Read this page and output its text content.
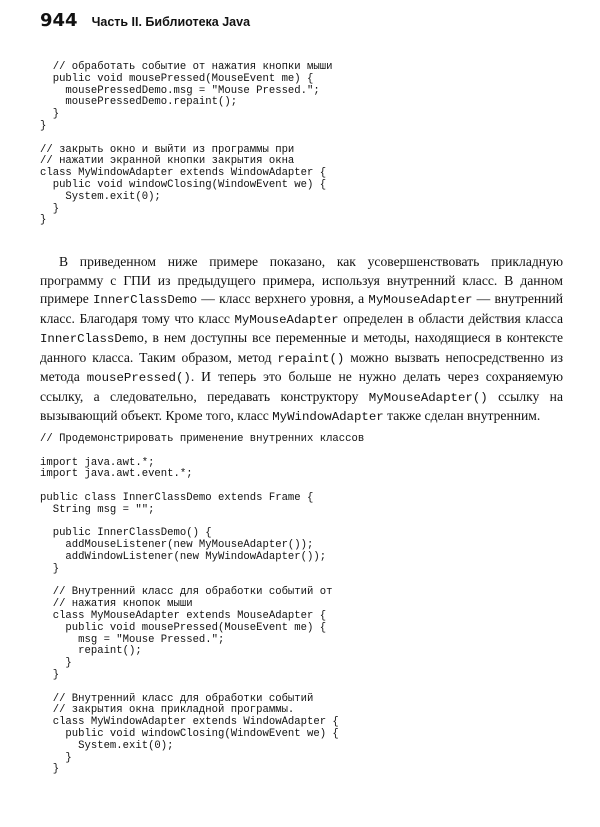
944 Часть II. Библиотека Java
// обработать событие от нажатия кнопки мыши
public void mousePressed(MouseEvent me) {
mousePressedDemo.msg = "Mouse Pressed.";
mousePressedDemo.repaint();
}
}

// закрыть окно и выйти из программы при
// нажатии экранной кнопки закрытия окна
class MyWindowAdapter extends WindowAdapter {
public void windowClosing(WindowEvent we) {
System.exit(0);
}
}

В приведенном ниже примере показано, как усовершенствовать прикладную программу с ГПИ из предыдущего примера, используя внутренний класс. В данном примере InnerClassDemo — класс верхнего уровня, а MyMouseAdapter — внутренний класс. Благодаря тому что класс MyMouseAdapter определен в области действия класса InnerClassDemo, в нем доступны все переменные и методы, находящиеся в контексте данного класса. Таким образом, метод repaint() можно вызвать непосредственно из метода mousePressed(). И теперь это больше не нужно делать через сохраняемую ссылку, а следовательно, передавать конструктору MyMouseAdapter() ссылку на вызывающий объект. Кроме того, класс MyWindowAdapter также сделан внутренним.

// Продемонстрировать применение внутренних классов

import java.awt.*;
import java.awt.event.*;

public class InnerClassDemo extends Frame {
String msg = "";

public InnerClassDemo() {
addMouseListener(new MyMouseAdapter());
addWindowListener(new MyWindowAdapter());
}

// Внутренний класс для обработки событий от
// нажатия кнопок мыши
class MyMouseAdapter extends MouseAdapter {
public void mousePressed(MouseEvent me) {
msg = "Mouse Pressed.";
repaint();
}
}

// Внутренний класс для обработки событий
// закрытия окна прикладной программы.
class MyWindowAdapter extends WindowAdapter {
public void windowClosing(WindowEvent we) {
System.exit(0);
}
}
